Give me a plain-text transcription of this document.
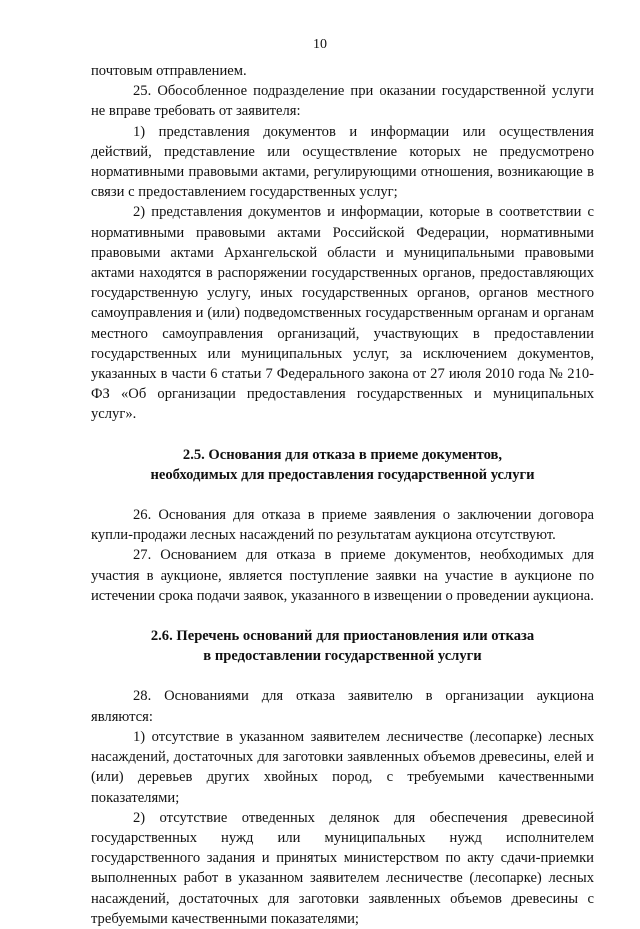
10

почтовым отправлением.

25. Обособленное подразделение при оказании государственной услуги не вправе требовать от заявителя:

1) представления документов и информации или осуществления действий, представление или осуществление которых не предусмотрено нормативными правовыми актами, регулирующими отношения, возникающие в связи с предоставлением государственных услуг;

2) представления документов и информации, которые в соответствии с нормативными правовыми актами Российской Федерации, нормативными правовыми актами Архангельской области и муниципальными правовыми актами находятся в распоряжении государственных органов, предоставляющих государственную услугу, иных государственных органов, органов местного самоуправления и (или) подведомственных государственным органам и органам местного самоуправления организаций, участвующих в предоставлении государственных или муниципальных услуг, за исключением документов, указанных в части 6 статьи 7 Федерального закона от 27 июля 2010 года № 210-ФЗ «Об организации предоставления государственных и муниципальных услуг».

2.5. Основания для отказа в приеме документов,
необходимых для предоставления государственной услуги

26. Основания для отказа в приеме заявления о заключении договора купли-продажи лесных насаждений по результатам аукциона отсутствуют.

27. Основанием для отказа в приеме документов, необходимых для участия в аукционе, является поступление заявки на участие в аукционе по истечении срока подачи заявок, указанного в извещении о проведении аукциона.

2.6. Перечень оснований для приостановления или отказа
в предоставлении государственной услуги

28. Основаниями для отказа заявителю в организации аукциона являются:

1) отсутствие в указанном заявителем лесничестве (лесопарке) лесных насаждений, достаточных для заготовки заявленных объемов древесины, елей и (или) деревьев других хвойных пород, с требуемыми качественными показателями;

2) отсутствие отведенных делянок для обеспечения древесиной государственных нужд или муниципальных нужд исполнителем государственного задания и принятых министерством по акту сдачи-приемки выполненных работ в указанном заявителем лесничестве (лесопарке) лесных насаждений, достаточных для заготовки заявленных объемов древесины с требуемыми качественными показателями;
